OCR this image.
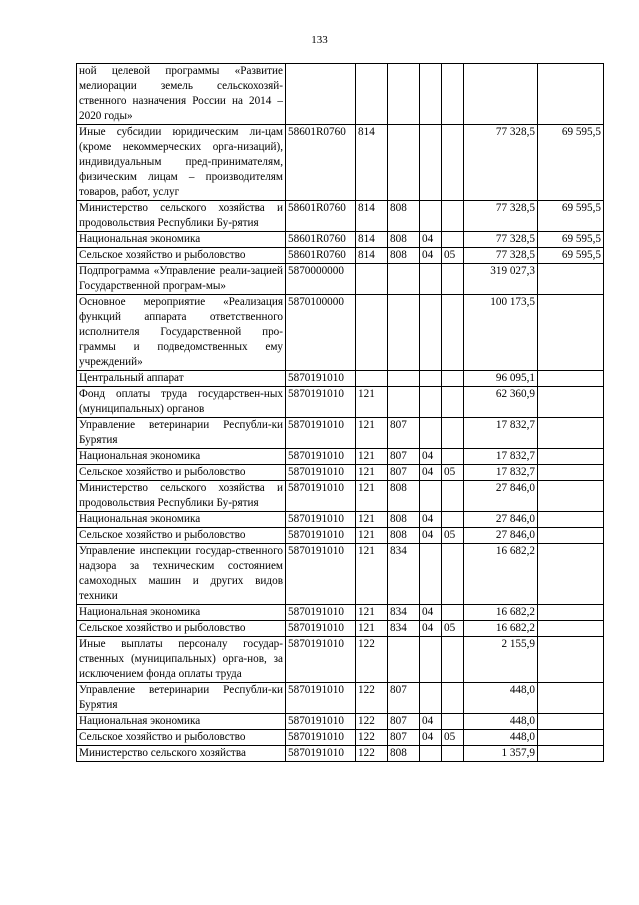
133
ной целевой программы «Развитие мелиорации земель сельскохозяй-ственного назначения России на 2014 – 2020 годы»							
Иные субсидии юридическим ли-цам (кроме некоммерческих орга-низаций), индивидуальным пред-принимателям, физическим лицам – производителям товаров, работ, услуг	58601R0760	814				77 328,5	69 595,5
Министерство сельского хозяйства и продовольствия Республики Бу-рятия	58601R0760	814	808			77 328,5	69 595,5
Национальная экономика	58601R0760	814	808	04		77 328,5	69 595,5
Сельское хозяйство и рыболовство	58601R0760	814	808	04	05	77 328,5	69 595,5
Подпрограмма «Управление реали-зацией Государственной програм-мы»	5870000000					319 027,3	
Основное мероприятие «Реализация функций аппарата ответственного исполнителя Государственной про-граммы и подведомственных ему учреждений»	5870100000					100 173,5	
Центральный аппарат	5870191010					96 095,1	
Фонд оплаты труда государствен-ных (муниципальных) органов	5870191010	121				62 360,9	
Управление ветеринарии Республи-ки Бурятия	5870191010	121	807			17 832,7	
Национальная экономика	5870191010	121	807	04		17 832,7	
Сельское хозяйство и рыболовство	5870191010	121	807	04	05	17 832,7	
Министерство сельского хозяйства и продовольствия Республики Бу-рятия	5870191010	121	808			27 846,0	
Национальная экономика	5870191010	121	808	04		27 846,0	
Сельское хозяйство и рыболовство	5870191010	121	808	04	05	27 846,0	
Управление инспекции государ-ственного надзора за техническим состоянием самоходных машин и других видов техники	5870191010	121	834			16 682,2	
Национальная экономика	5870191010	121	834	04		16 682,2	
Сельское хозяйство и рыболовство	5870191010	121	834	04	05	16 682,2	
Иные выплаты персоналу государ-ственных (муниципальных) орга-нов, за исключением фонда оплаты труда	5870191010	122				2 155,9	
Управление ветеринарии Республи-ки Бурятия	5870191010	122	807			448,0	
Национальная экономика	5870191010	122	807	04		448,0	
Сельское хозяйство и рыболовство	5870191010	122	807	04	05	448,0	
Министерство сельского хозяйства	5870191010	122	808			1 357,9	
